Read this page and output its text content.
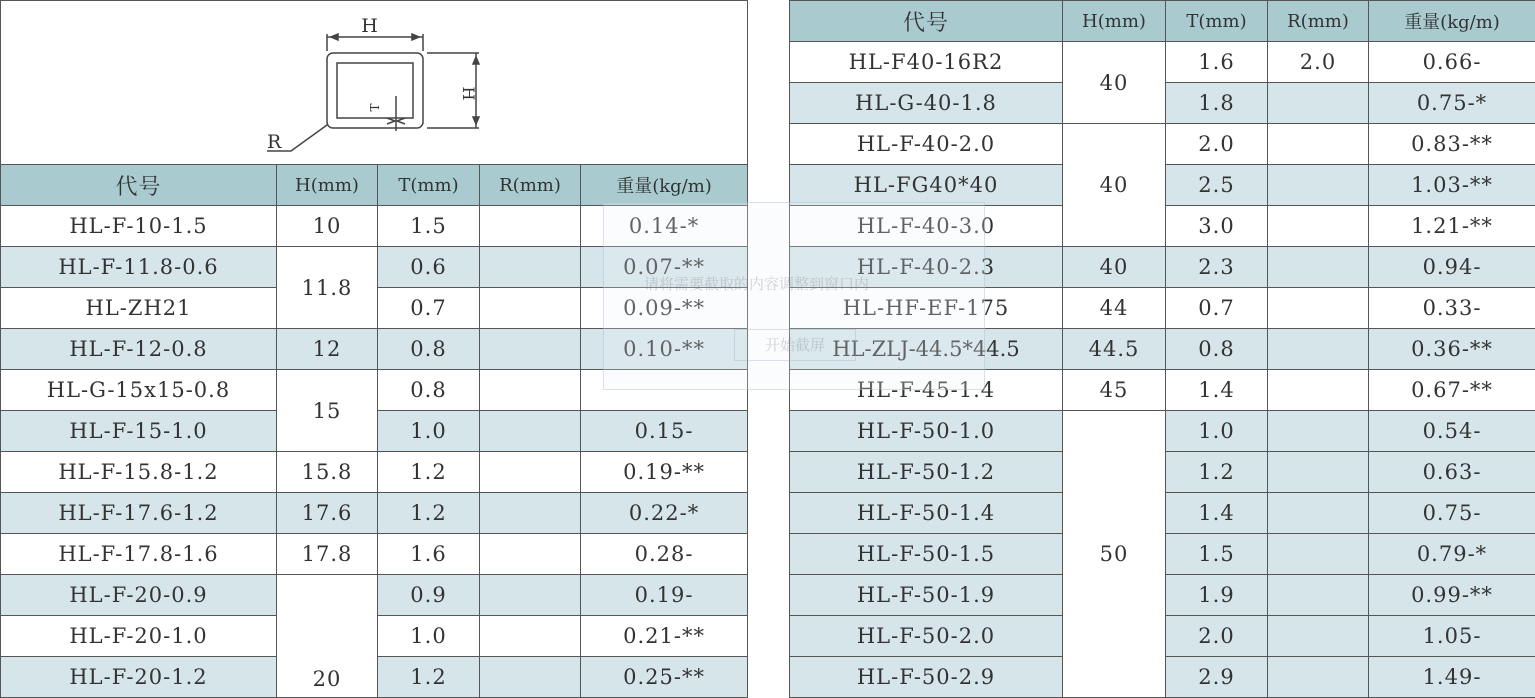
H
H
T
R				

代号	H(mm)	T(mm)	R(mm)	重量(kg/m)
HL-F-10-1.5	10	1.5		0.14-*
HL-F-11.8-0.6	11.8	0.6		0.07-**
HL-ZH21		0.7		0.09-**
HL-F-12-0.8	12	0.8		0.10-**
HL-G-15x15-0.8	15	0.8		
HL-F-15-1.0		1.0		0.15-
HL-F-15.8-1.2	15.8	1.2		0.19-**
HL-F-17.6-1.2	17.6	1.2		0.22-*
HL-F-17.8-1.6	17.8	1.6		0.28-
HL-F-20-0.9	20	0.9		0.19-
HL-F-20-1.0		1.0		0.21-**
HL-F-20-1.2		1.2		0.25-**
代号	H(mm)	T(mm)	R(mm)	重量(kg/m)
HL-F40-16R2	40	1.6	2.0	0.66-
HL-G-40-1.8		1.8		0.75-*
HL-F-40-2.0	40	2.0		0.83-**
HL-FG40*40		2.5		1.03-**
HL-F-40-3.0		3.0		1.21-**
HL-F-40-2.3	40	2.3		0.94-
HL-HF-EF-175	44	0.7		0.33-
HL-ZLJ-44.5*44.5	44.5	0.8		0.36-**
HL-F-45-1.4	45	1.4		0.67-**
HL-F-50-1.0	50	1.0		0.54-
HL-F-50-1.2		1.2		0.63-
HL-F-50-1.4		1.4		0.75-
HL-F-50-1.5		1.5		0.79-*
HL-F-50-1.9		1.9		0.99-**
HL-F-50-2.0		2.0		1.05-
HL-F-50-2.9		2.9		1.49-
请将需要截取的内容调整到窗口内
开始截屏
